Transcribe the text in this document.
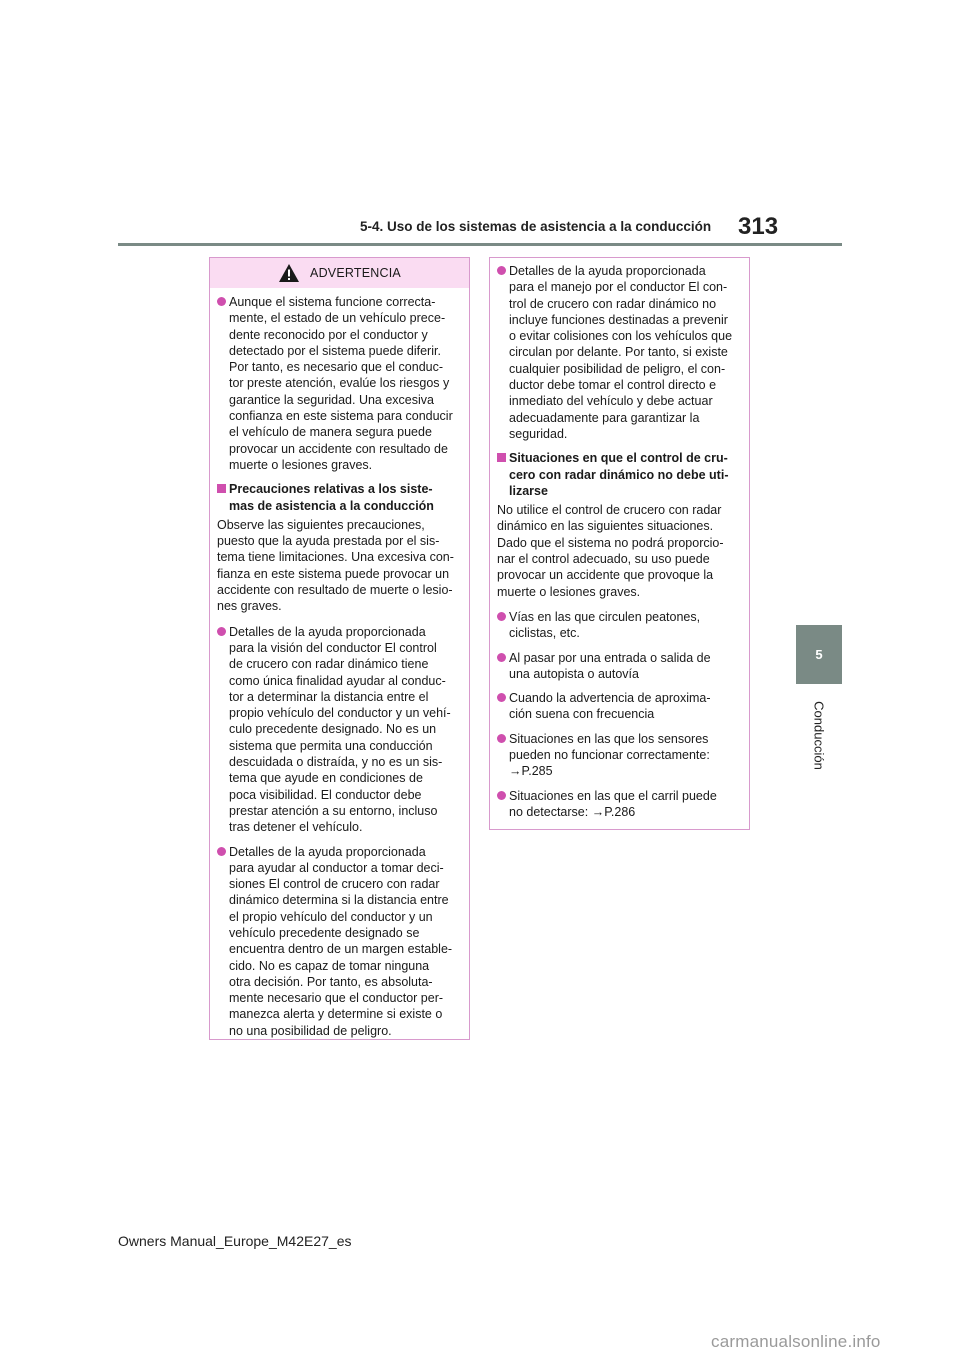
5-4. Uso de los sistemas de asistencia a la conducción 313
5
Conducción
ADVERTENCIA
Aunque el sistema funcione correcta-
mente, el estado de un vehículo prece-
dente reconocido por el conductor y
detectado por el sistema puede diferir.
Por tanto, es necesario que el conduc-
tor preste atención, evalúe los riesgos y
garantice la seguridad. Una excesiva
confianza en este sistema para conducir
el vehículo de manera segura puede
provocar un accidente con resultado de
muerte o lesiones graves.
Precauciones relativas a los siste-
mas de asistencia a la conducción
Observe las siguientes precauciones,
puesto que la ayuda prestada por el sis-
tema tiene limitaciones. Una excesiva con-
fianza en este sistema puede provocar un
accidente con resultado de muerte o lesio-
nes graves.
Detalles de la ayuda proporcionada
para la visión del conductor El control
de crucero con radar dinámico tiene
como única finalidad ayudar al conduc-
tor a determinar la distancia entre el
propio vehículo del conductor y un vehí-
culo precedente designado. No es un
sistema que permita una conducción
descuidada o distraída, y no es un sis-
tema que ayude en condiciones de
poca visibilidad. El conductor debe
prestar atención a su entorno, incluso
tras detener el vehículo.
Detalles de la ayuda proporcionada
para ayudar al conductor a tomar deci-
siones El control de crucero con radar
dinámico determina si la distancia entre
el propio vehículo del conductor y un
vehículo precedente designado se
encuentra dentro de un margen estable-
cido. No es capaz de tomar ninguna
otra decisión. Por tanto, es absoluta-
mente necesario que el conductor per-
manezca alerta y determine si existe o
no una posibilidad de peligro.
Detalles de la ayuda proporcionada
para el manejo por el conductor El con-
trol de crucero con radar dinámico no
incluye funciones destinadas a prevenir
o evitar colisiones con los vehículos que
circulan por delante. Por tanto, si existe
cualquier posibilidad de peligro, el con-
ductor debe tomar el control directo e
inmediato del vehículo y debe actuar
adecuadamente para garantizar la
seguridad.
Situaciones en que el control de cru-
cero con radar dinámico no debe uti-
lizarse
No utilice el control de crucero con radar
dinámico en las siguientes situaciones.
Dado que el sistema no podrá proporcio-
nar el control adecuado, su uso puede
provocar un accidente que provoque la
muerte o lesiones graves.
Vías en las que circulen peatones,
ciclistas, etc.
Al pasar por una entrada o salida de
una autopista o autovía
Cuando la advertencia de aproxima-
ción suena con frecuencia
Situaciones en las que los sensores
pueden no funcionar correctamente:
→P.285
Situaciones en las que el carril puede
no detectarse: →P.286
Owners Manual_Europe_M42E27_es
carmanualsonline.info
